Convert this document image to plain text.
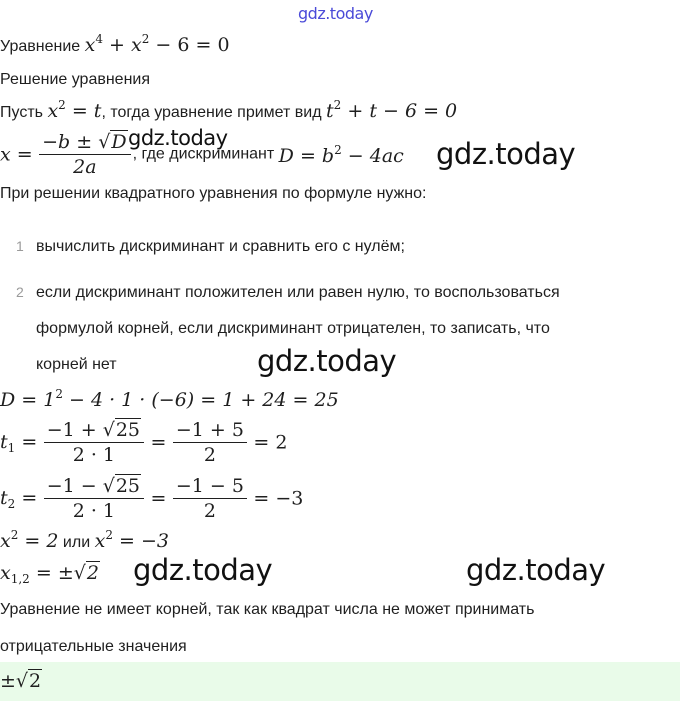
gdz.today
Уравнение $x^4 + x^2 - 6 = 0$
Решение уравнения
Пусть $x^2 = t$, тогда уравнение примет вид $t^2 + t - 6 = 0$
$x = \frac{-b \pm √D}{2a}$ , где дискриминант $D = b^2 - 4ac$
gdz.today	gdz.today
При решении квадратного уравнения по формуле нужно:
1 вычислить дискриминант и сравнить его с нулём;
2 если дискриминант положителен или равен нулю, то воспользоваться
формулой корней, если дискриминант отрицателен, то записать, что
корней нет	gdz.today
$D = 1^2 - 4 \cdot 1 \cdot (-6) = 1 + 24 = 25$
$t_1 = \frac{-1 + √25}{2 \cdot 1} = \frac{-1 + 5}{2} = 2$
$t_2 = \frac{-1 - √25}{2 \cdot 1} = \frac{-1 - 5}{2} = -3$
$x^2 = 2$ или $x^2 = -3$
$x_{1,2} = \pm√2$ gdz.today	gdz.today
Уравнение не имеет корней, так как квадрат числа не может принимать
отрицательные значения
±√2
